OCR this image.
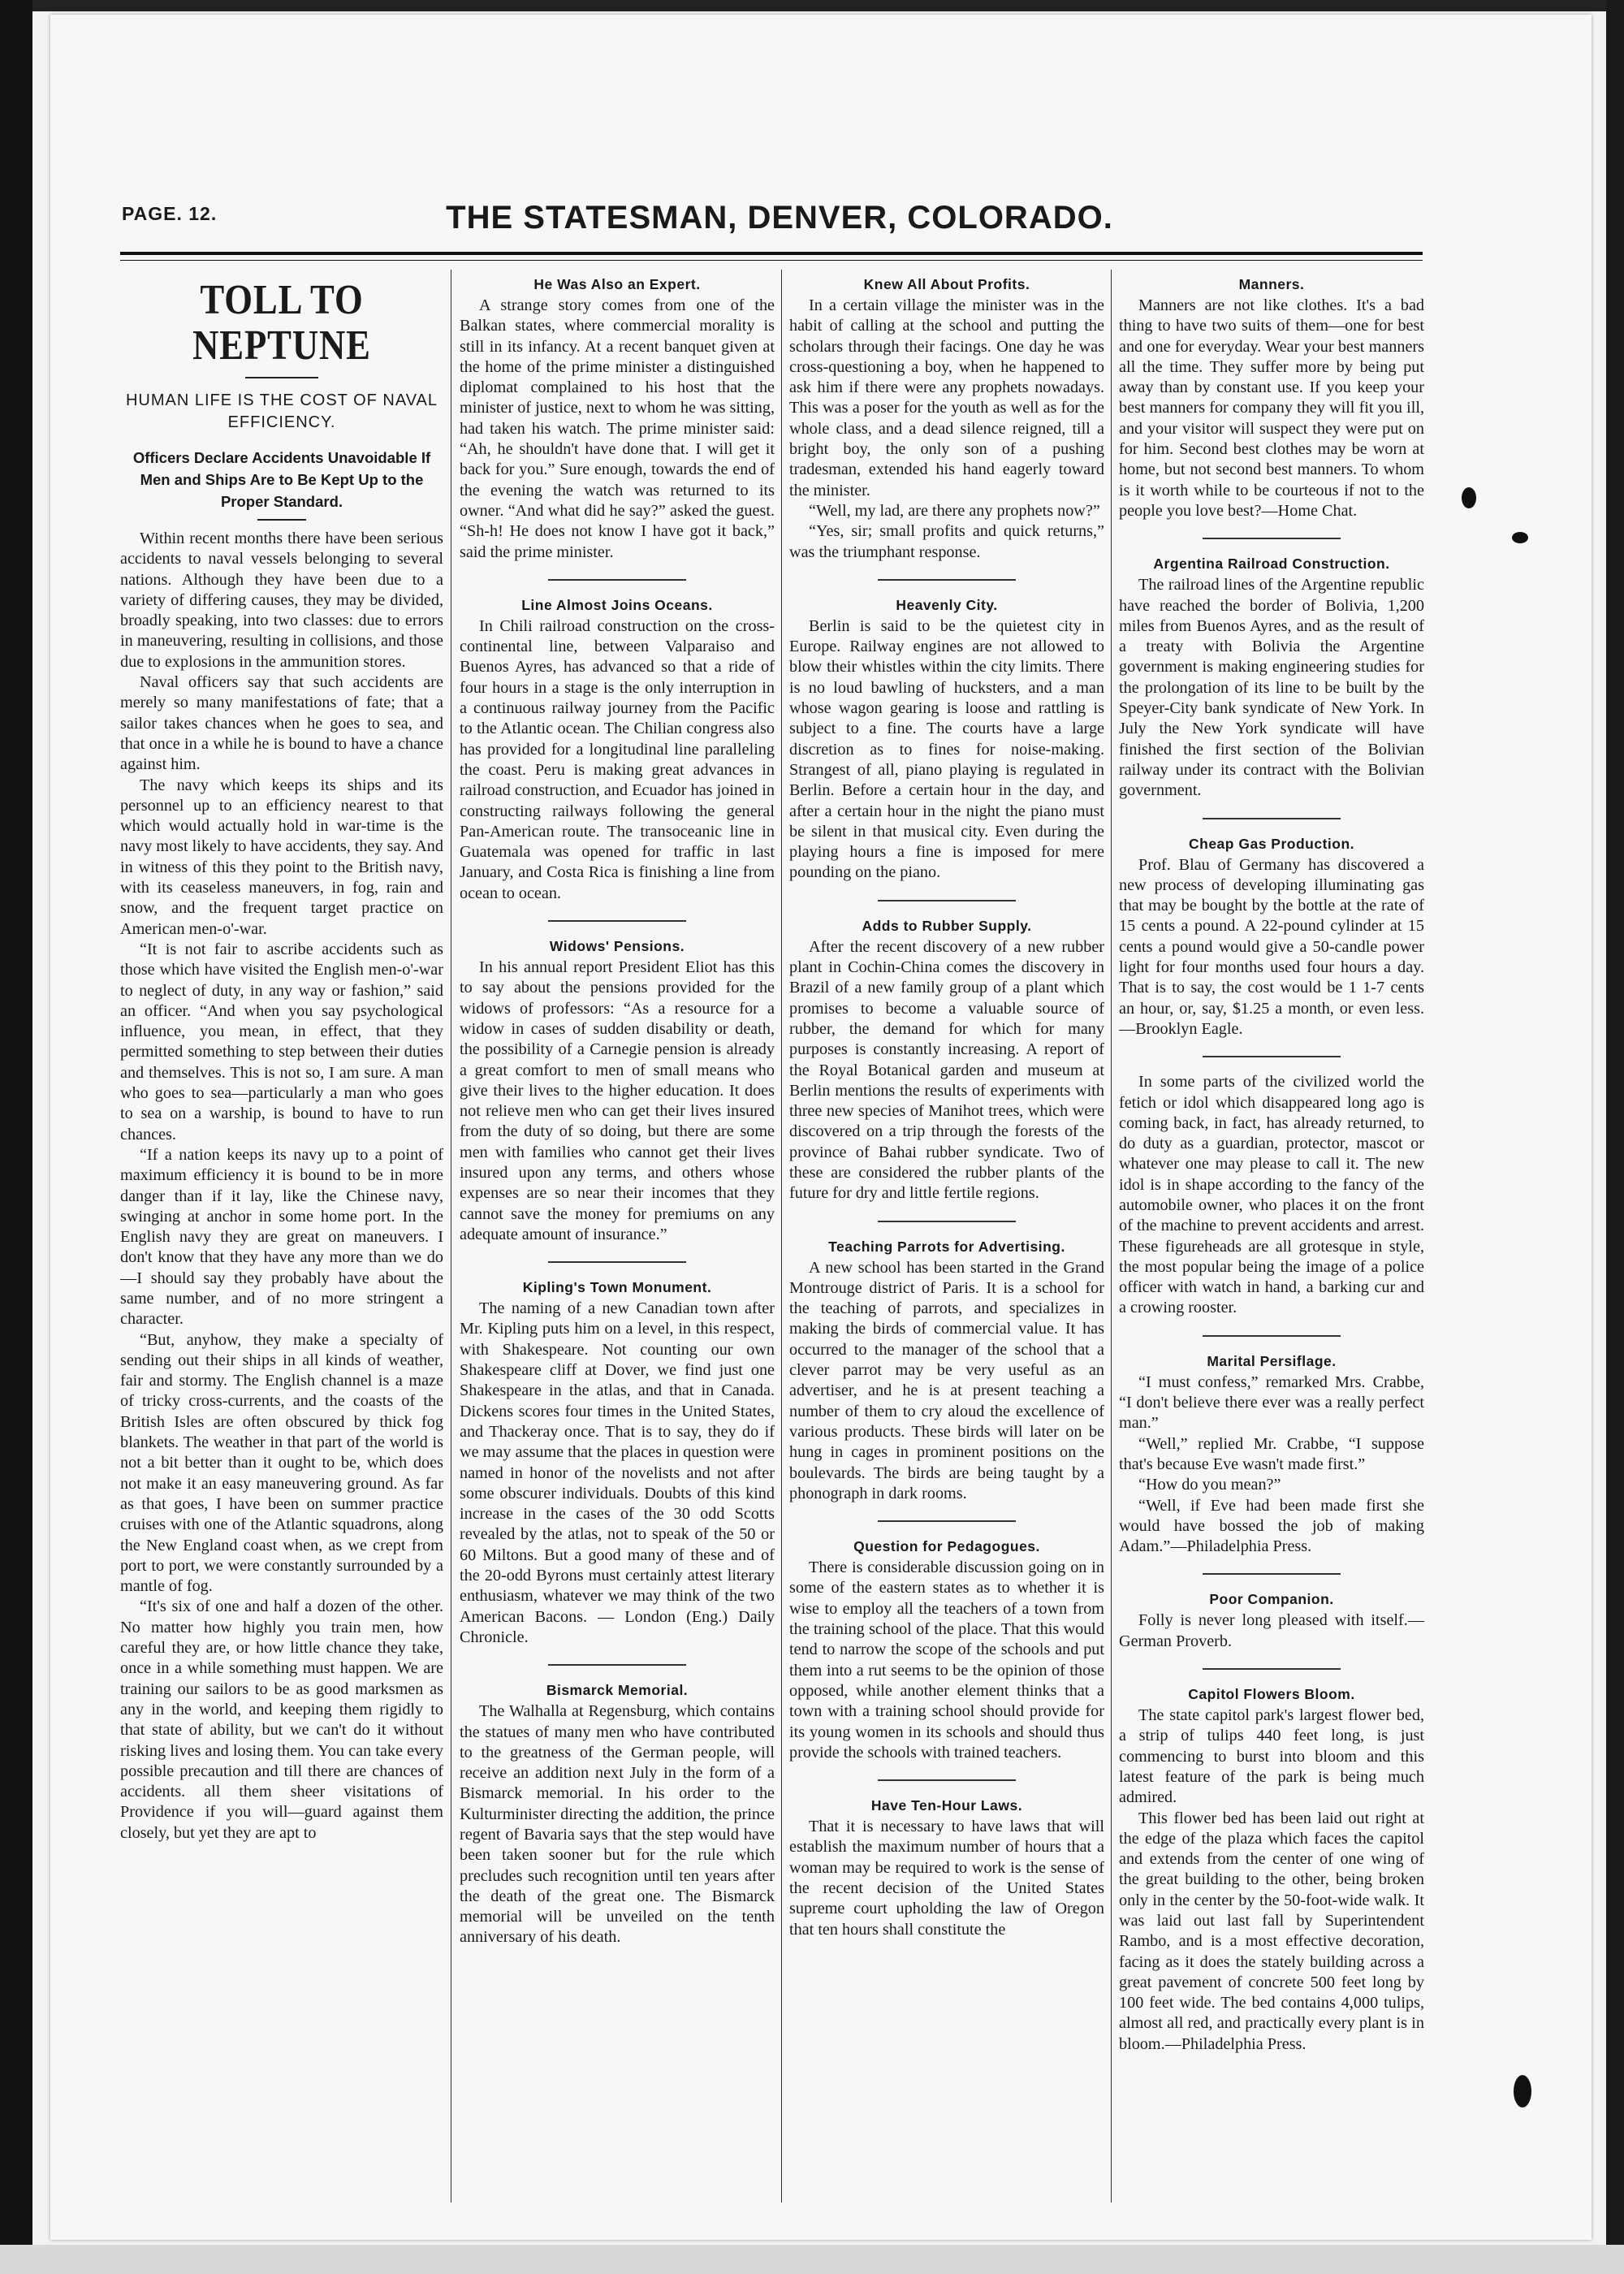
PAGE. 12.	THE STATESMAN, DENVER, COLORADO.
TOLL TO NEPTUNE
HUMAN LIFE IS THE COST OF NAVAL EFFICIENCY.
Officers Declare Accidents Unavoidable If Men and Ships Are to Be Kept Up to the Proper Standard.

Within recent months there have been serious accidents to naval vessels belonging to several nations. Although they have been due to a variety of differing causes, they may be divided, broadly speaking, into two classes: due to errors in maneuvering, resulting in collisions, and those due to explosions in the ammunition stores.

Naval officers say that such accidents are merely so many manifestations of fate; that a sailor takes chances when he goes to sea, and that once in a while he is bound to have a chance against him.

The navy which keeps its ships and its personnel up to an efficiency nearest to that which would actually hold in war-time is the navy most likely to have accidents, they say. And in witness of this they point to the British navy, with its ceaseless maneuvers, in fog, rain and snow, and the frequent target practice on American men-o'-war.

“It is not fair to ascribe accidents such as those which have visited the English men-o'-war to neglect of duty, in any way or fashion,” said an officer. “And when you say psychological influence, you mean, in effect, that they permitted something to step between their duties and themselves. This is not so, I am sure. A man who goes to sea—particularly a man who goes to sea on a warship, is bound to have to run chances.

“If a nation keeps its navy up to a point of maximum efficiency it is bound to be in more danger than if it lay, like the Chinese navy, swinging at anchor in some home port. In the English navy they are great on maneuvers. I don't know that they have any more than we do—I should say they probably have about the same number, and of no more stringent a character.

“But, anyhow, they make a specialty of sending out their ships in all kinds of weather, fair and stormy. The English channel is a maze of tricky cross-currents, and the coasts of the British Isles are often obscured by thick fog blankets. The weather in that part of the world is not a bit better than it ought to be, which does not make it an easy maneuvering ground. As far as that goes, I have been on summer practice cruises with one of the Atlantic squadrons, along the New England coast when, as we crept from port to port, we were constantly surrounded by a mantle of fog.

“It's six of one and half a dozen of the other. No matter how highly you train men, how careful they are, or how little chance they take, once in a while something must happen. We are training our sailors to be as good marksmen as any in the world, and keeping them rigidly to that state of ability, but we can't do it without risking lives and losing them. You can take every possible precaution and till there are chances of accidents. all them sheer visitations of Providence if you will—guard against them closely, but yet they are apt to

He Was Also an Expert.

A strange story comes from one of the Balkan states, where commercial morality is still in its infancy. At a recent banquet given at the home of the prime minister a distinguished diplomat complained to his host that the minister of justice, next to whom he was sitting, had taken his watch. The prime minister said: “Ah, he shouldn't have done that. I will get it back for you.” Sure enough, towards the end of the evening the watch was returned to its owner. “And what did he say?” asked the guest. “Sh-h! He does not know I have got it back,” said the prime minister.

Line Almost Joins Oceans.

In Chili railroad construction on the cross-continental line, between Valparaiso and Buenos Ayres, has advanced so that a ride of four hours in a stage is the only interruption in a continuous railway journey from the Pacific to the Atlantic ocean. The Chilian congress also has provided for a longitudinal line paralleling the coast. Peru is making great advances in railroad construction, and Ecuador has joined in constructing railways following the general Pan-American route. The transoceanic line in Guatemala was opened for traffic in last January, and Costa Rica is finishing a line from ocean to ocean.

Widows' Pensions.

In his annual report President Eliot has this to say about the pensions provided for the widows of professors: “As a resource for a widow in cases of sudden disability or death, the possibility of a Carnegie pension is already a great comfort to men of small means who give their lives to the higher education. It does not relieve men who can get their lives insured from the duty of so doing, but there are some men with families who cannot get their lives insured upon any terms, and others whose expenses are so near their incomes that they cannot save the money for premiums on any adequate amount of insurance.”

Kipling's Town Monument.

The naming of a new Canadian town after Mr. Kipling puts him on a level, in this respect, with Shakespeare. Not counting our own Shakespeare cliff at Dover, we find just one Shakespeare in the atlas, and that in Canada. Dickens scores four times in the United States, and Thackeray once. That is to say, they do if we may assume that the places in question were named in honor of the novelists and not after some obscurer individuals. Doubts of this kind increase in the cases of the 30 odd Scotts revealed by the atlas, not to speak of the 50 or 60 Miltons. But a good many of these and of the 20-odd Byrons must certainly attest literary enthusiasm, whatever we may think of the two American Bacons. — London (Eng.) Daily Chronicle.

Bismarck Memorial.

The Walhalla at Regensburg, which contains the statues of many men who have contributed to the greatness of the German people, will receive an addition next July in the form of a Bismarck memorial. In his order to the Kulturminister directing the addition, the prince regent of Bavaria says that the step would have been taken sooner but for the rule which precludes such recognition until ten years after the death of the great one. The Bismarck memorial will be unveiled on the tenth anniversary of his death.

Knew All About Profits.

In a certain village the minister was in the habit of calling at the school and putting the scholars through their facings. One day he was cross-questioning a boy, when he happened to ask him if there were any prophets nowadays. This was a poser for the youth as well as for the whole class, and a dead silence reigned, till a bright boy, the only son of a pushing tradesman, extended his hand eagerly toward the minister.

“Well, my lad, are there any prophets now?”

“Yes, sir; small profits and quick returns,” was the triumphant response.

Heavenly City.

Berlin is said to be the quietest city in Europe. Railway engines are not allowed to blow their whistles within the city limits. There is no loud bawling of hucksters, and a man whose wagon gearing is loose and rattling is subject to a fine. The courts have a large discretion as to fines for noise-making. Strangest of all, piano playing is regulated in Berlin. Before a certain hour in the day, and after a certain hour in the night the piano must be silent in that musical city. Even during the playing hours a fine is imposed for mere pounding on the piano.

Adds to Rubber Supply.

After the recent discovery of a new rubber plant in Cochin-China comes the discovery in Brazil of a new family group of a plant which promises to become a valuable source of rubber, the demand for which for many purposes is constantly increasing. A report of the Royal Botanical garden and museum at Berlin mentions the results of experiments with three new species of Manihot trees, which were discovered on a trip through the forests of the province of Bahai rubber syndicate. Two of these are considered the rubber plants of the future for dry and little fertile regions.

Teaching Parrots for Advertising.

A new school has been started in the Grand Montrouge district of Paris. It is a school for the teaching of parrots, and specializes in making the birds of commercial value. It has occurred to the manager of the school that a clever parrot may be very useful as an advertiser, and he is at present teaching a number of them to cry aloud the excellence of various products. These birds will later on be hung in cages in prominent positions on the boulevards. The birds are being taught by a phonograph in dark rooms.

Question for Pedagogues.

There is considerable discussion going on in some of the eastern states as to whether it is wise to employ all the teachers of a town from the training school of the place. That this would tend to narrow the scope of the schools and put them into a rut seems to be the opinion of those opposed, while another element thinks that a town with a training school should provide for its young women in its schools and should thus provide the schools with trained teachers.

Have Ten-Hour Laws.

That it is necessary to have laws that will establish the maximum number of hours that a woman may be required to work is the sense of the recent decision of the United States supreme court upholding the law of Oregon that ten hours shall constitute the

Manners.

Manners are not like clothes. It's a bad thing to have two suits of them—one for best and one for everyday. Wear your best manners all the time. They suffer more by being put away than by constant use. If you keep your best manners for company they will fit you ill, and your visitor will suspect they were put on for him. Second best clothes may be worn at home, but not second best manners. To whom is it worth while to be courteous if not to the people you love best?—Home Chat.

Argentina Railroad Construction.

The railroad lines of the Argentine republic have reached the border of Bolivia, 1,200 miles from Buenos Ayres, and as the result of a treaty with Bolivia the Argentine government is making engineering studies for the prolongation of its line to be built by the Speyer-City bank syndicate of New York. In July the New York syndicate will have finished the first section of the Bolivian railway under its contract with the Bolivian government.

Cheap Gas Production.

Prof. Blau of Germany has discovered a new process of developing illuminating gas that may be bought by the bottle at the rate of 15 cents a pound. A 22-pound cylinder at 15 cents a pound would give a 50-candle power light for four months used four hours a day. That is to say, the cost would be 1 1-7 cents an hour, or, say, $1.25 a month, or even less.—Brooklyn Eagle.

In some parts of the civilized world the fetich or idol which disappeared long ago is coming back, in fact, has already returned, to do duty as a guardian, protector, mascot or whatever one may please to call it. The new idol is in shape according to the fancy of the automobile owner, who places it on the front of the machine to prevent accidents and arrest. These figureheads are all grotesque in style, the most popular being the image of a police officer with watch in hand, a barking cur and a crowing rooster.

Marital Persiflage.

“I must confess,” remarked Mrs. Crabbe, “I don't believe there ever was a really perfect man.”

“Well,” replied Mr. Crabbe, “I suppose that's because Eve wasn't made first.”

“How do you mean?”

“Well, if Eve had been made first she would have bossed the job of making Adam.”—Philadelphia Press.

Poor Companion.

Folly is never long pleased with itself.—German Proverb.

Capitol Flowers Bloom.

The state capitol park's largest flower bed, a strip of tulips 440 feet long, is just commencing to burst into bloom and this latest feature of the park is being much admired.

This flower bed has been laid out right at the edge of the plaza which faces the capitol and extends from the center of one wing of the great building to the other, being broken only in the center by the 50-foot-wide walk. It was laid out last fall by Superintendent Rambo, and is a most effective decoration, facing as it does the stately building across a great pavement of concrete 500 feet long by 100 feet wide. The bed contains 4,000 tulips, almost all red, and practically every plant is in bloom.—Philadelphia Press.
